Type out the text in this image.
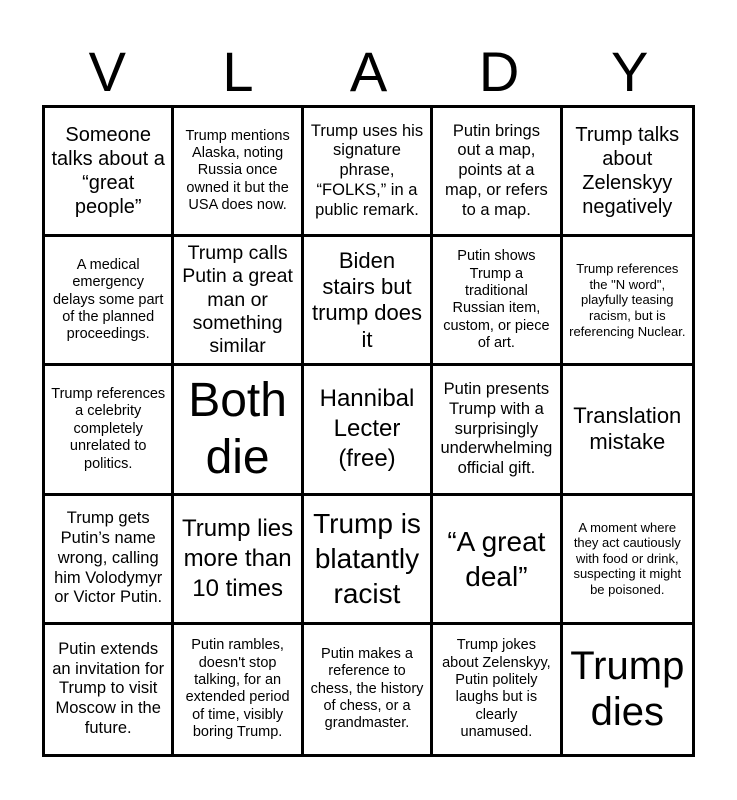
V	L	A	D	Y
Someone talks about a “great people”
Trump mentions Alaska, noting Russia once owned it but the USA does now.
Trump uses his signature phrase, “FOLKS,” in a public remark.
Putin brings out a map, points at a map, or refers to a map.
Trump talks about Zelenskyy negatively
A medical emergency delays some part of the planned proceedings.
Trump calls Putin a great man or something similar
Biden stairs but trump does it
Putin shows Trump a traditional Russian item, custom, or piece of art.
Trump references the "N word", playfully teasing racism, but is referencing Nuclear.
Trump references a celebrity completely unrelated to politics.
Both die
Hannibal Lecter (free)
Putin presents Trump with a surprisingly underwhelming official gift.
Translation mistake
Trump gets Putin’s name wrong, calling him Volodymyr or Victor Putin.
Trump lies more than 10 times
Trump is blatantly racist
“A great deal”
A moment where they act cautiously with food or drink, suspecting it might be poisoned.
Putin extends an invitation for Trump to visit Moscow in the future.
Putin rambles, doesn't stop talking, for an extended period of time, visibly boring Trump.
Putin makes a reference to chess, the history of chess, or a grandmaster.
Trump jokes about Zelenskyy, Putin politely laughs but is clearly unamused.
Trump dies
